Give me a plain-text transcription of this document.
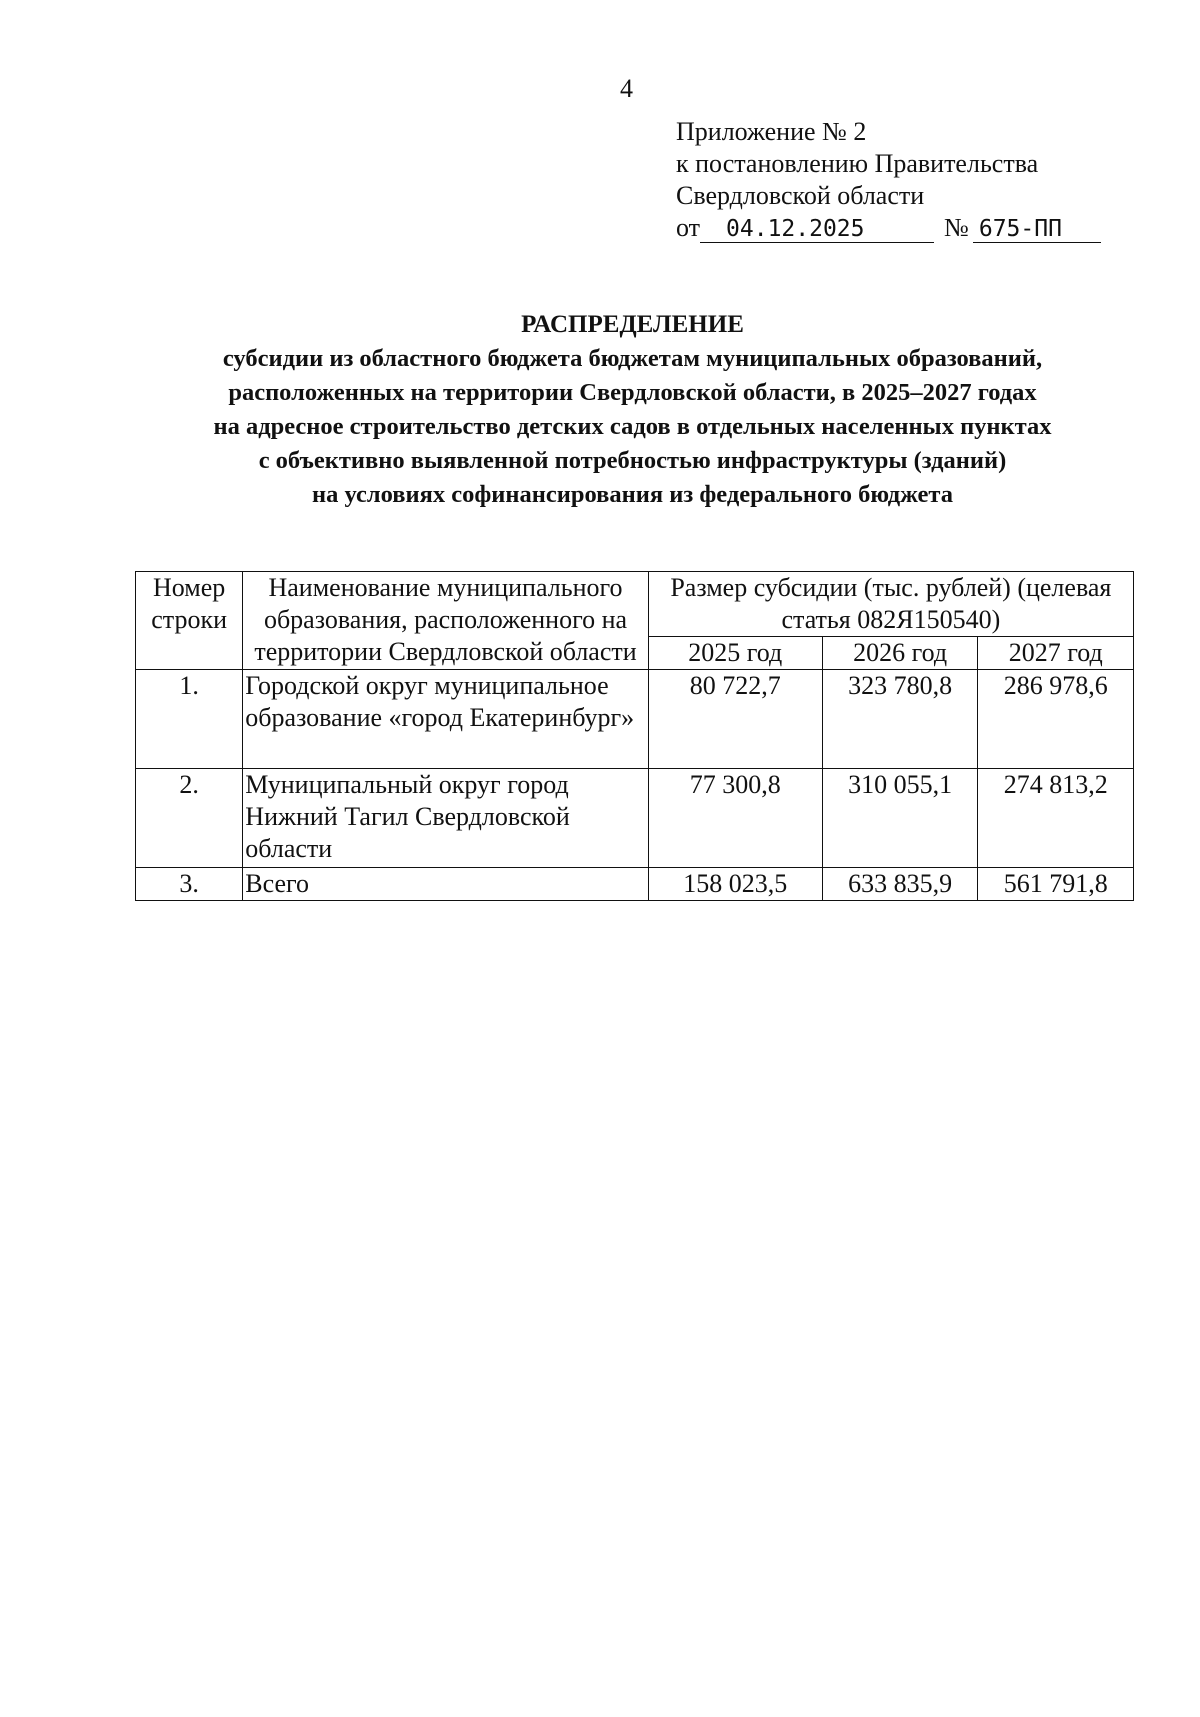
4
Приложение № 2
к постановлению Правительства
Свердловской области
от 04.12.2025	№ 675-ПП
РАСПРЕДЕЛЕНИЕ
субсидии из областного бюджета бюджетам муниципальных образований,
расположенных на территории Свердловской области, в 2025–2027 годах
на адресное строительство детских садов в отдельных населенных пунктах
с объективно выявленной потребностью инфраструктуры (зданий)
на условиях софинансирования из федерального бюджета
Номер строки	Наименование муниципального образования, расположенного на территории Свердловской области	Размер субсидии (тыс. рублей) (целевая статья 082Я150540)		
		2025 год	2026 год	2027 год
1.	Городской округ муниципальное образование «город Екатеринбург»	80 722,7	323 780,8	286 978,6
2.	Муниципальный округ город Нижний Тагил Свердловской области	77 300,8	310 055,1	274 813,2
3.	Всего	158 023,5	633 835,9	561 791,8
